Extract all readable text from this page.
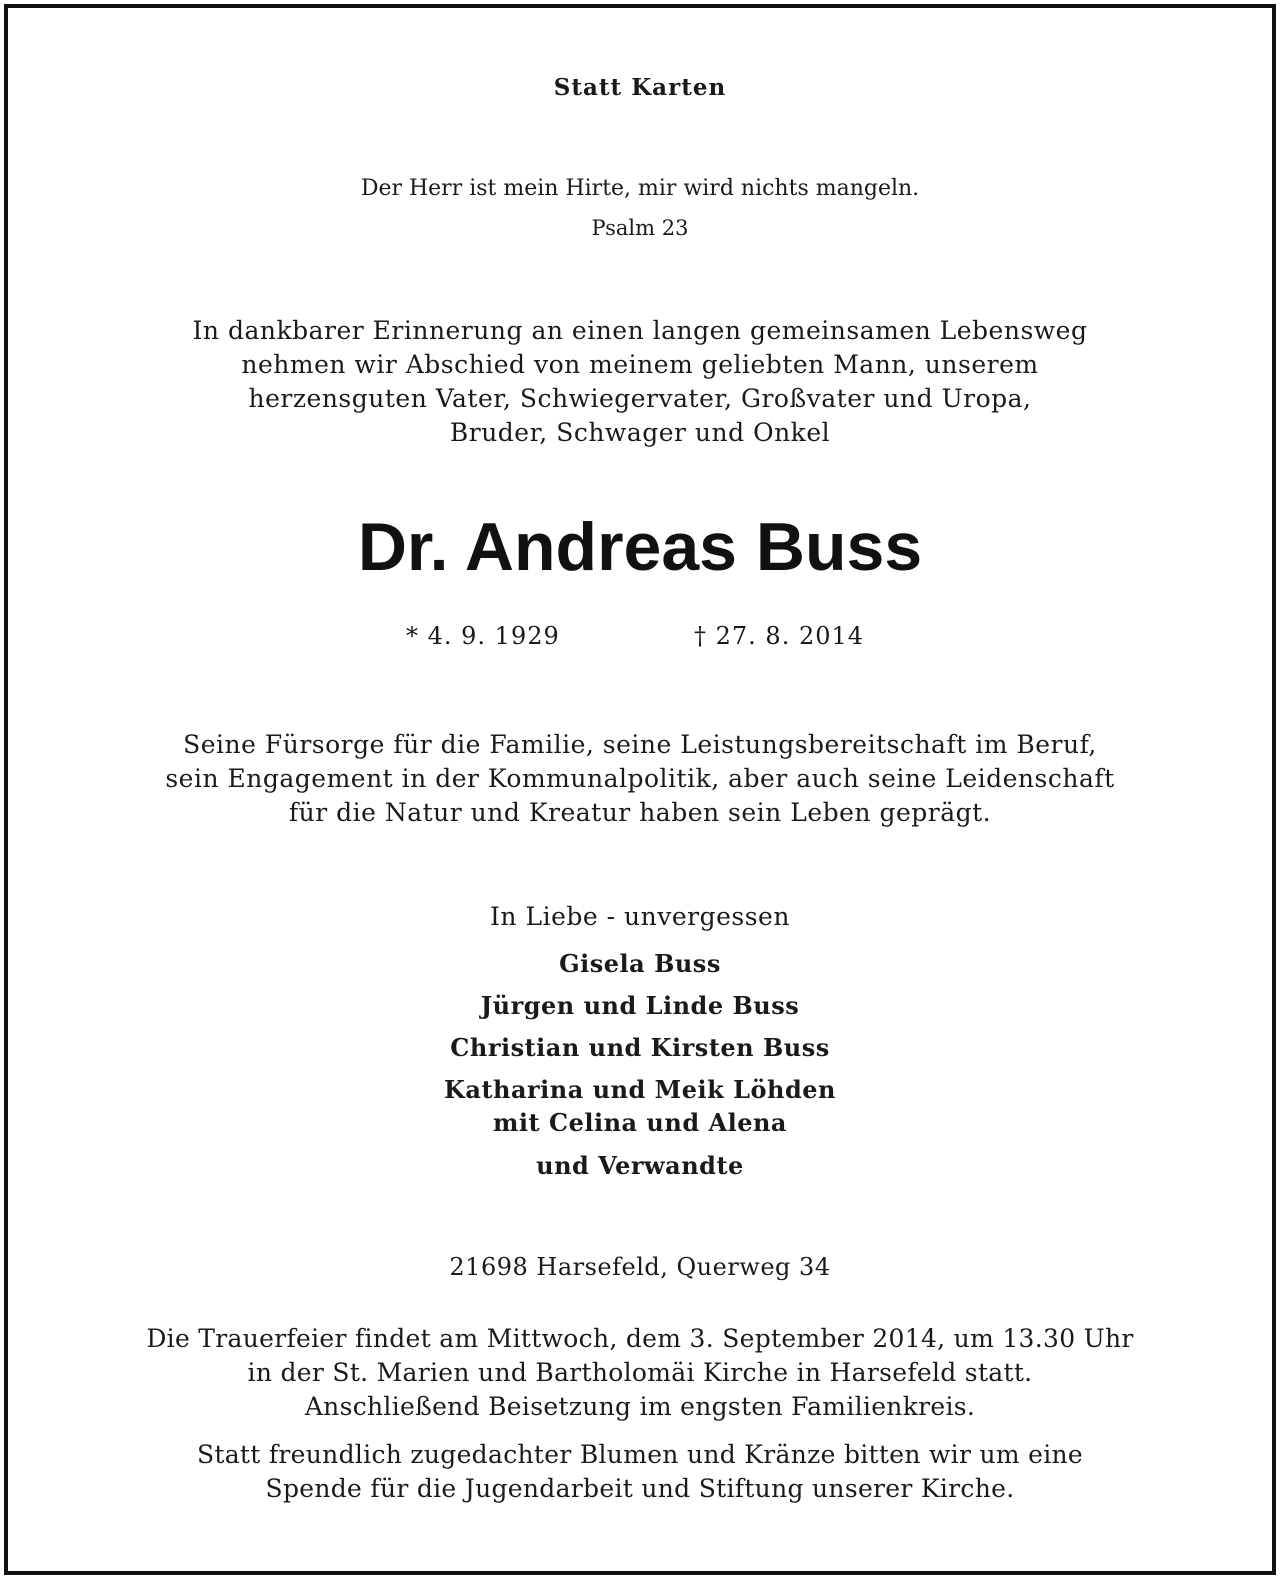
Statt Karten

Der Herr ist mein Hirte, mir wird nichts mangeln.

Psalm 23

In dankbarer Erinnerung an einen langen gemeinsamen Lebensweg

nehmen wir Abschied von meinem geliebten Mann, unserem

herzensguten Vater, Schwiegervater, Großvater und Uropa,

Bruder, Schwager und Onkel

Dr. Andreas Buss

* 4. 9. 1929	† 27. 8. 2014

Seine Fürsorge für die Familie, seine Leistungsbereitschaft im Beruf,

sein Engagement in der Kommunalpolitik, aber auch seine Leidenschaft

für die Natur und Kreatur haben sein Leben geprägt.

In Liebe - unvergessen

Gisela Buss

Jürgen und Linde Buss

Christian und Kirsten Buss

Katharina und Meik Löhden

mit Celina und Alena

und Verwandte

21698 Harsefeld, Querweg 34

Die Trauerfeier findet am Mittwoch, dem 3. September 2014, um 13.30 Uhr

in der St. Marien und Bartholomäi Kirche in Harsefeld statt.

Anschließend Beisetzung im engsten Familienkreis.

Statt freundlich zugedachter Blumen und Kränze bitten wir um eine

Spende für die Jugendarbeit und Stiftung unserer Kirche.
